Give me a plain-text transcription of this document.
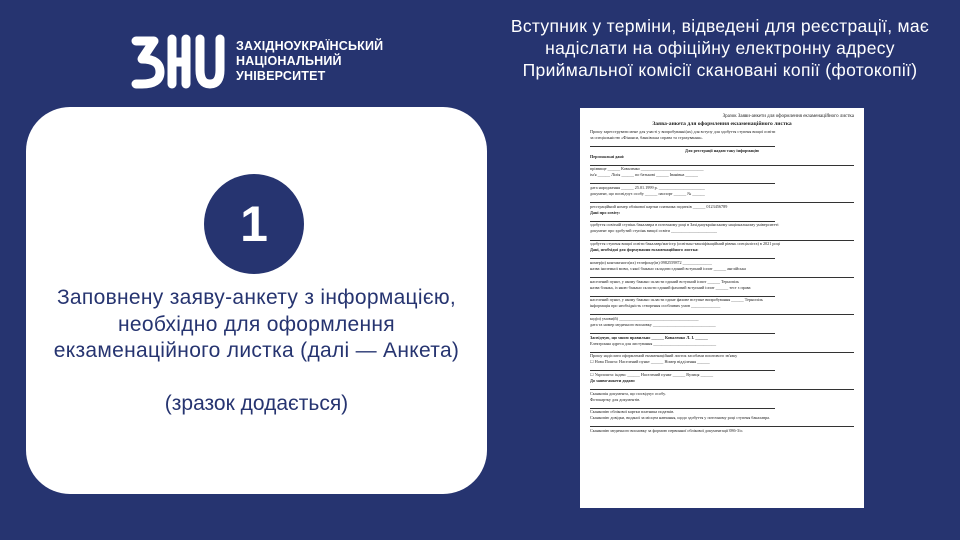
ЗАХІДНОУКРАЇНСЬКИЙ
НАЦІОНАЛЬНИЙ
УНІВЕРСИТЕТ
Вступник у терміни, відведені для реєстрації, має надіслати на офіційну електронну адресу Приймальної комісії скановані копії (фотокопії)
1
Заповнену заяву-анкету з інформацією, необхідно для оформлення екзаменаційного листка (далі — Анкета)
(зразок додається)
Зразок Заяви-анкети для оформлення екзаменаційного листка
Заява-анкета для оформлення екзаменаційного листка
Прошу зареєструвати мене для участі у випробуванні(ях) для вступу для здобуття ступеня вищої освіти
за спеціальністю «Фінанси, банківська справа та страхування».
Для реєстрації надаю таку інформацію
Персональні дані:
прізвище ______ Коваленко ______________________________
ім'я ______ Лілія ______ по батькові ______ Іванівна ______
дата народження ______ 25.01.1999 р. ______________________
документ, що посвідчує особу ______ паспорт ______ № ______
реєстраційний номер облікової картки платника податків ______ 0123456789
Дані про освіту:
здобуття освітній ступінь бакалавра в поточному році в Західноукраїнському національному університеті
документ про здобутий ступінь вищої освіти ______________________
здобуття ступеня вищої освіти бакалавр/магістр (освітньо-кваліфікаційний рівень спеціаліста) в 2021 році
Дані, необхідні для формування екзаменаційного листка:
номер(и) контактного(их) телефону(ів) 0982559872 ______________
назва іноземної мови, з якої бажано складати єдиний вступний іспит ______ англійська
населений пункт, у якому бажано скласти єдиний вступний іспит ______ Тернопіль
назва бланка, із якою бажано скласти єдиний фаховий вступний іспит ______ тест з права
населений пункт, у якому бажано скласти єдине фахове вступне випробування ______ Тернопіль
інформація про необхідність створення особливих умов ______________
код(и) умови(й) ______________________________________
дата та номер медичного висновку ______________________________
Засвідчую, що мною правильно ______ Коваленко Л. І. ______
Електронна адреса для листування ______________________________
Прошу надіслати оформлений екзаменаційний листок засобами поштового зв'язку
☐ Нова Пошта: Населений пункт ______ Номер відділення ______
☐ Укрпошта: індекс ______ Населений пункт ______ Вулиця ______
До заяви-анкети додаю:
Сканкопія документа, що посвідчує особу.
Фотокартку для документів.
Сканкопію облікової картки платника податків.
Сканкопію довідки, виданої за місцем навчання, щодо здобуття у поточному році ступеня бакалавра.
Сканкопію медичного висновку за формою первинної облікової документації 086-3/о.
